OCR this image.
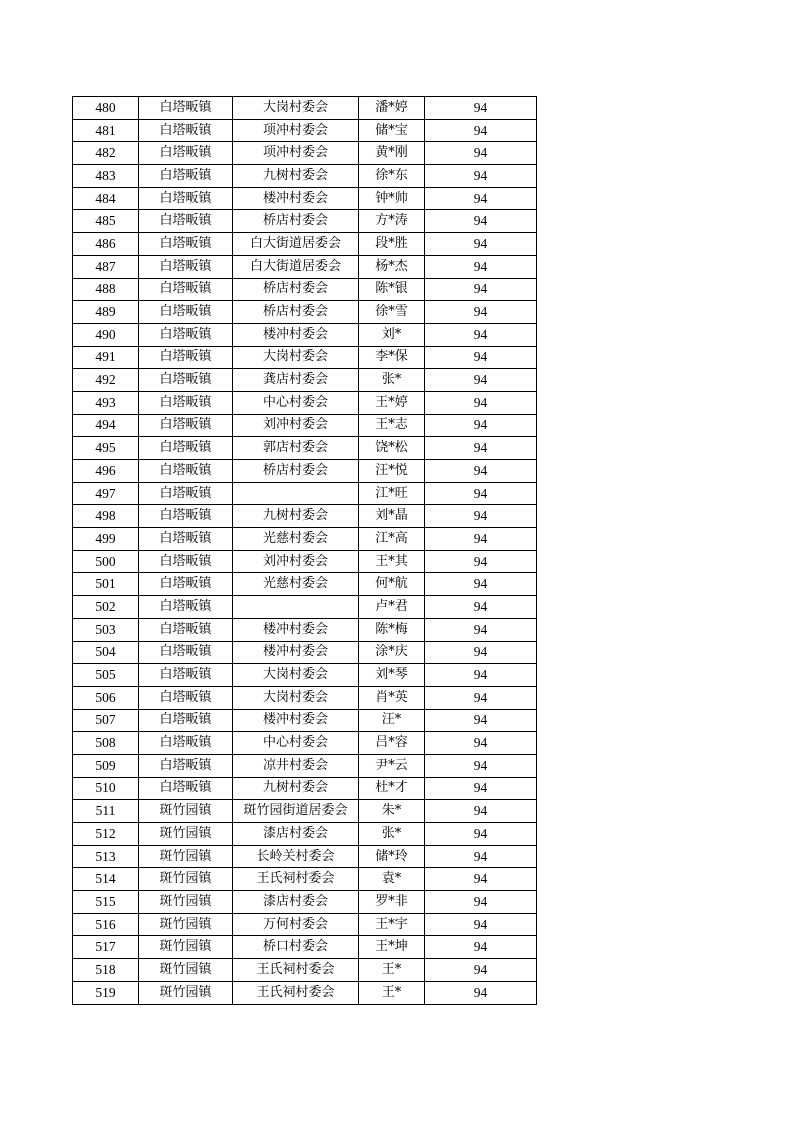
480	白塔畈镇	大岗村委会	潘*婷	94
481	白塔畈镇	项冲村委会	储*宝	94
482	白塔畈镇	项冲村委会	黄*刚	94
483	白塔畈镇	九树村委会	徐*东	94
484	白塔畈镇	楼冲村委会	钟*帅	94
485	白塔畈镇	桥店村委会	方*涛	94
486	白塔畈镇	白大街道居委会	段*胜	94
487	白塔畈镇	白大街道居委会	杨*杰	94
488	白塔畈镇	桥店村委会	陈*银	94
489	白塔畈镇	桥店村委会	徐*雪	94
490	白塔畈镇	楼冲村委会	刘*	94
491	白塔畈镇	大岗村委会	李*保	94
492	白塔畈镇	龚店村委会	张*	94
493	白塔畈镇	中心村委会	王*婷	94
494	白塔畈镇	刘冲村委会	王*志	94
495	白塔畈镇	郭店村委会	饶*松	94
496	白塔畈镇	桥店村委会	汪*悦	94
497	白塔畈镇		江*旺	94
498	白塔畈镇	九树村委会	刘*晶	94
499	白塔畈镇	光慈村委会	江*高	94
500	白塔畈镇	刘冲村委会	王*其	94
501	白塔畈镇	光慈村委会	何*航	94
502	白塔畈镇		卢*君	94
503	白塔畈镇	楼冲村委会	陈*梅	94
504	白塔畈镇	楼冲村委会	涂*庆	94
505	白塔畈镇	大岗村委会	刘*琴	94
506	白塔畈镇	大岗村委会	肖*英	94
507	白塔畈镇	楼冲村委会	汪*	94
508	白塔畈镇	中心村委会	吕*容	94
509	白塔畈镇	凉井村委会	尹*云	94
510	白塔畈镇	九树村委会	杜*才	94
511	斑竹园镇	斑竹园街道居委会	朱*	94
512	斑竹园镇	漆店村委会	张*	94
513	斑竹园镇	长岭关村委会	储*玲	94
514	斑竹园镇	王氏祠村委会	袁*	94
515	斑竹园镇	漆店村委会	罗*非	94
516	斑竹园镇	万何村委会	王*宇	94
517	斑竹园镇	桥口村委会	王*坤	94
518	斑竹园镇	王氏祠村委会	王*	94
519	斑竹园镇	王氏祠村委会	王*	94
